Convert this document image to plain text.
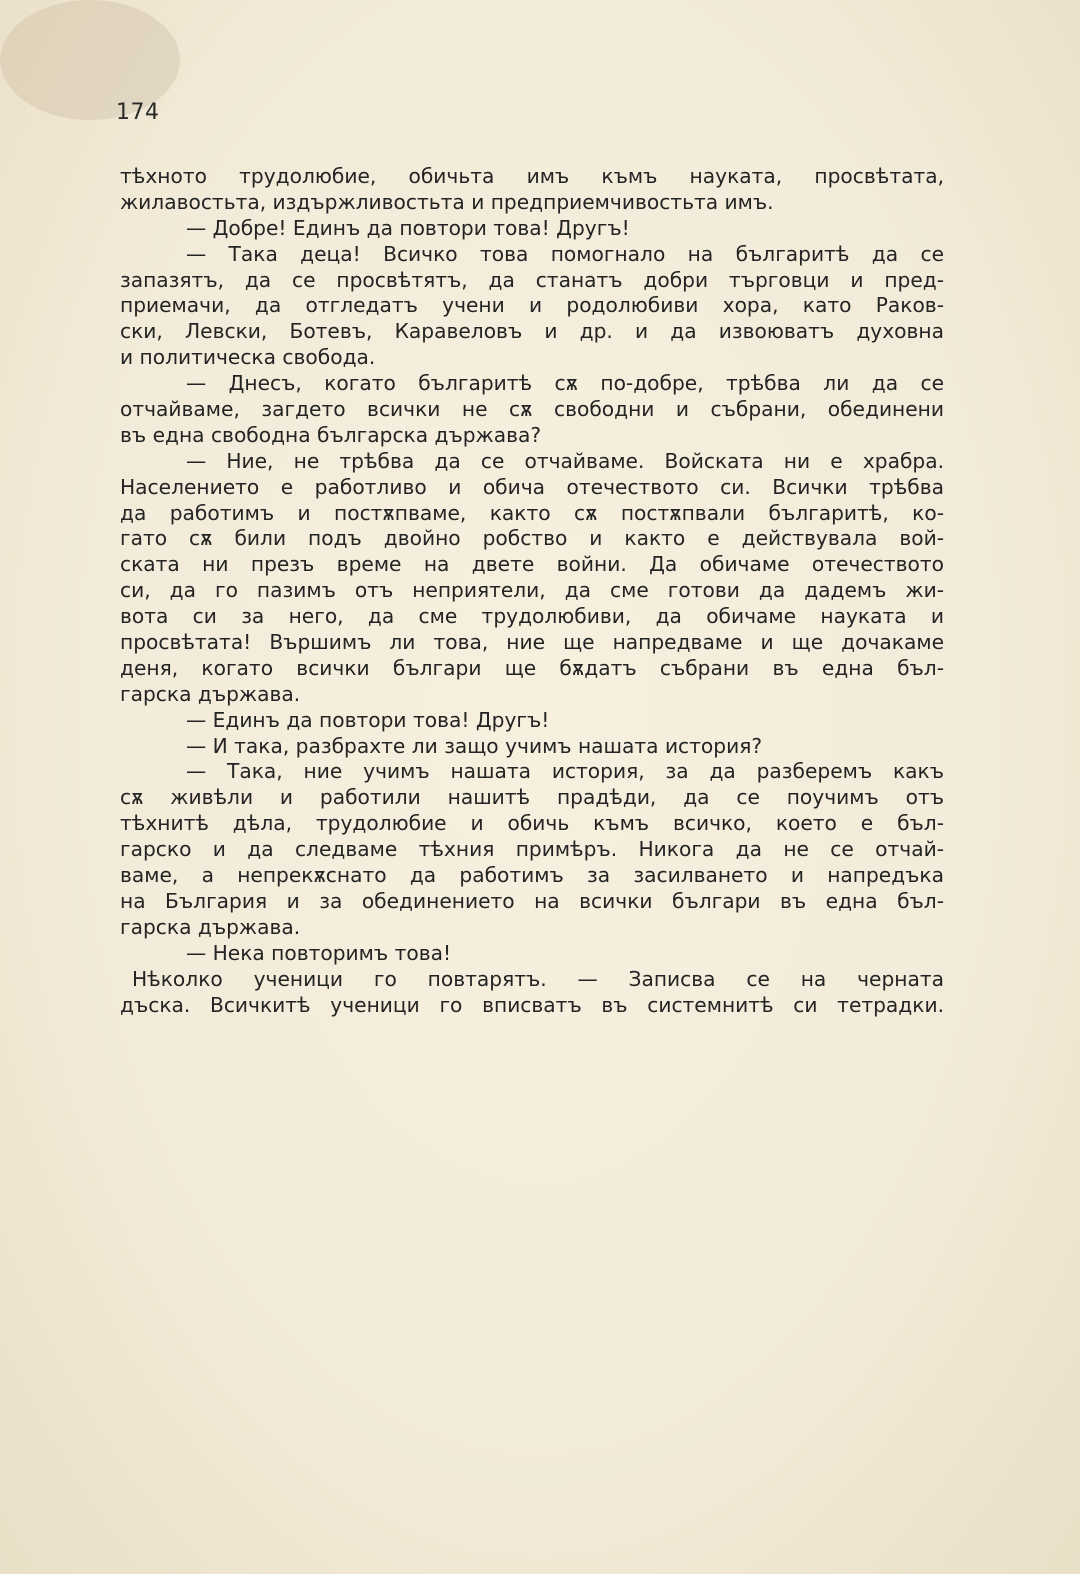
174
тѣхното трудолюбие, обичьта имъ къмъ науката, просвѣтата,
жилавостьта, издържливостьта и предприемчивостьта имъ.
— Добре! Единъ да повтори това! Другъ!
— Така деца! Всичко това помогнало на българитѣ да се
запазятъ, да се просвѣтятъ, да станатъ добри търговци и пред-
приемачи, да отгледатъ учени и родолюбиви хора, като Раков-
ски, Левски, Ботевъ, Каравеловъ и др. и да извоюватъ духовна
и политическа свобода.
— Днесъ, когато българитѣ сѫ по-добре, трѣбва ли да се
отчайваме, загдето всички не сѫ свободни и събрани, обединени
въ една свободна българска държава?
— Ние, не трѣбва да се отчайваме. Войската ни е храбра.
Населението е работливо и обича отечеството си. Всички трѣбва
да работимъ и постѫпваме, както сѫ постѫпвали българитѣ, ко-
гато сѫ били подъ двойно робство и както е действувала вой-
ската ни презъ време на двете войни. Да обичаме отечеството
си, да го пазимъ отъ неприятели, да сме готови да дадемъ жи-
вота си за него, да сме трудолюбиви, да обичаме науката и
просвѣтата! Вършимъ ли това, ние ще напредваме и ще дочакаме
деня, когато всички българи ще бѫдатъ събрани въ една бъл-
гарска държава.
— Единъ да повтори това! Другъ!
— И така, разбрахте ли защо учимъ нашата история?
— Така, ние учимъ нашата история, за да разберемъ какъ
сѫ живѣли и работили нашитѣ прадѣди, да се поучимъ отъ
тѣхнитѣ дѣла, трудолюбие и обичь къмъ всичко, което е бъл-
гарско и да следваме тѣхния примѣръ. Никога да не се отчай-
ваме, а непрекѫснато да работимъ за засилването и напредъка
на България и за обединението на всички българи въ една бъл-
гарска държава.
— Нека повторимъ това!
Нѣколко ученици го повтарятъ. — Записва се на черната
дъска. Всичкитѣ ученици го вписватъ въ системнитѣ си тетрадки.
